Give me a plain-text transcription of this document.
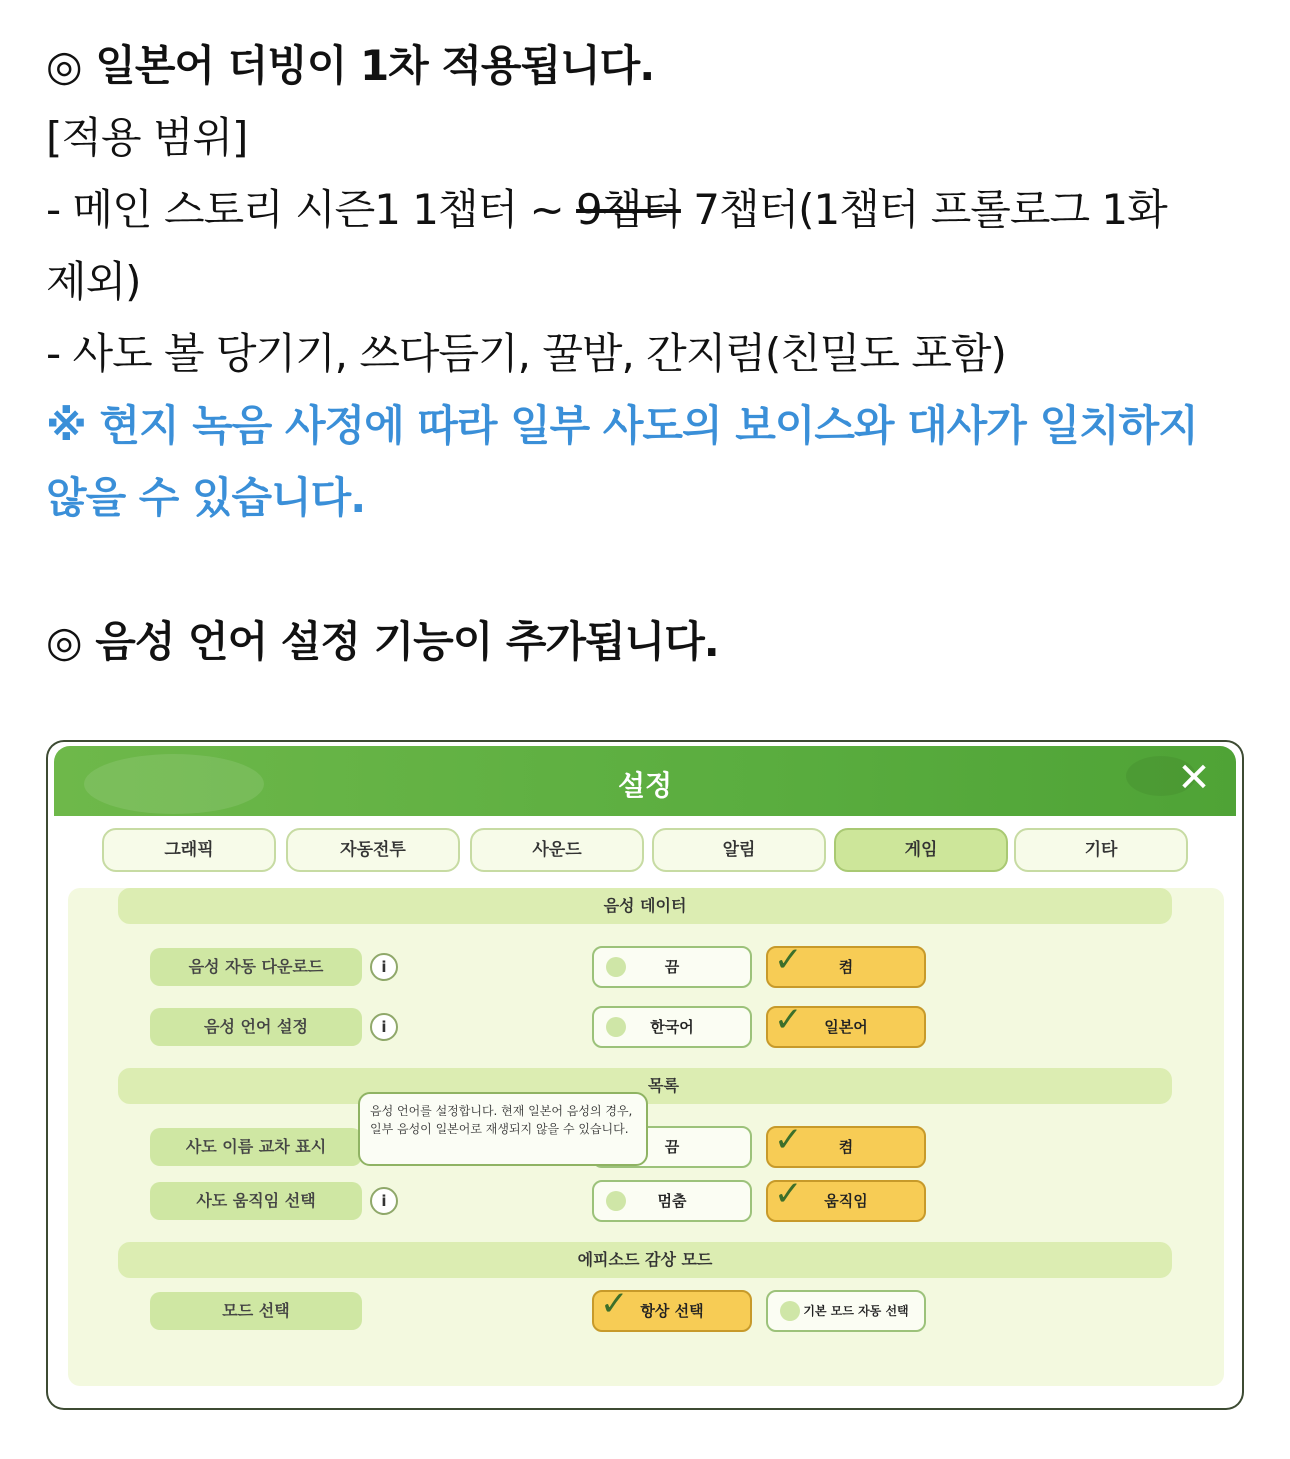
◎ 일본어 더빙이 1차 적용됩니다.
[적용 범위]
- 메인 스토리 시즌1 1챕터 ~ 9챕터 7챕터(1챕터 프롤로그 1화
제외)
- 사도 볼 당기기, 쓰다듬기, 꿀밤, 간지럼(친밀도 포함)
※ 현지 녹음 사정에 따라 일부 사도의 보이스와 대사가 일치하지
않을 수 있습니다.
◎ 음성 언어 설정 기능이 추가됩니다.
설정	✕
그래픽	자동전투	사운드	알림	게임	기타
음성 데이터
음성 자동 다운로드	i	끔	✓ 켬
음성 언어 설정	i	한국어	✓ 일본어
목록
사도 이름 교차 표시	끔	✓ 켬
사도 움직임 선택	i	멈춤	✓ 움직임
에피소드 감상 모드
모드 선택	✓ 항상 선택	기본 모드 자동 선택
음성 언어를 설정합니다. 현재 일본어 음성의 경우, 일부 음성이 일본어로 재생되지 않을 수 있습니다.
